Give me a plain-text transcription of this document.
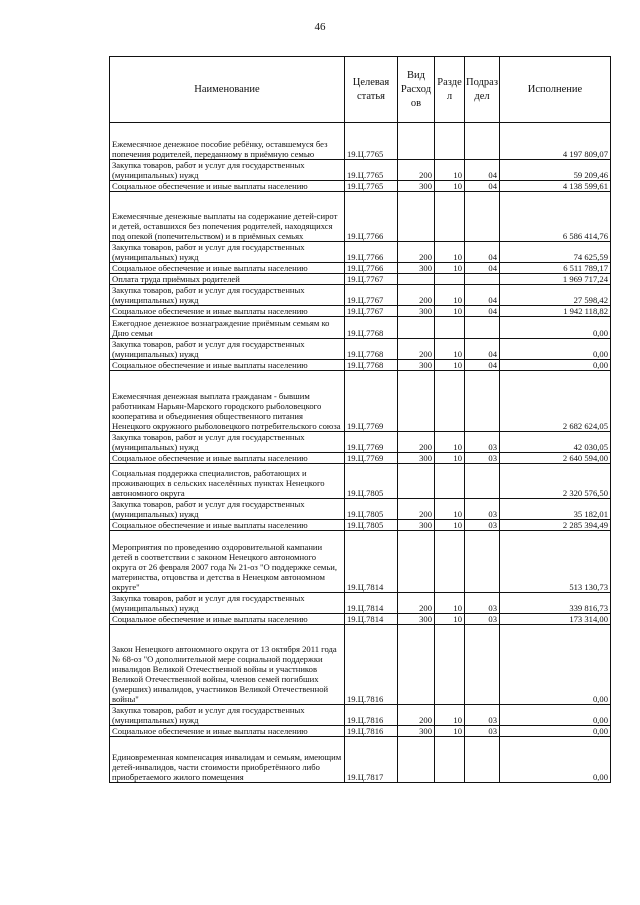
46
Наименование	Целевая статья	Вид Расход ов	Разде л	Подраз дел	Исполнение
Ежемесячное денежное пособие ребёнку, оставшемуся без попечения родителей, переданному в приёмную семью	19.Ц.7765				4 197 809,07
Закупка товаров, работ и услуг для государственных (муниципальных) нужд	19.Ц.7765	200	10	04	59 209,46
Социальное обеспечение и иные выплаты населению	19.Ц.7765	300	10	04	4 138 599,61
Ежемесячные денежные выплаты на содержание детей-сирот и детей, оставшихся без попечения родителей, находящихся под опекой (попечительством) и в приёмных семьях	19.Ц.7766				6 586 414,76
Закупка товаров, работ и услуг для государственных (муниципальных) нужд	19.Ц.7766	200	10	04	74 625,59
Социальное обеспечение и иные выплаты населению	19.Ц.7766	300	10	04	6 511 789,17
Оплата труда приёмных родителей	19.Ц.7767				1 969 717,24
Закупка товаров, работ и услуг для государственных (муниципальных) нужд	19.Ц.7767	200	10	04	27 598,42
Социальное обеспечение и иные выплаты населению	19.Ц.7767	300	10	04	1 942 118,82
Ежегодное денежное вознаграждение приёмным семьям ко Дню семьи	19.Ц.7768				0,00
Закупка товаров, работ и услуг для государственных (муниципальных) нужд	19.Ц.7768	200	10	04	0,00
Социальное обеспечение и иные выплаты населению	19.Ц.7768	300	10	04	0,00
Ежемесячная денежная выплата гражданам - бывшим работникам Нарьян-Марского городского рыболовецкого кооператива и объединения общественного питания Ненецкого окружного рыболовецкого потребительского союза	19.Ц.7769				2 682 624,05
Закупка товаров, работ и услуг для государственных (муниципальных) нужд	19.Ц.7769	200	10	03	42 030,05
Социальное обеспечение и иные выплаты населению	19.Ц.7769	300	10	03	2 640 594,00
Социальная поддержка специалистов, работающих и проживающих в сельских населённых пунктах Ненецкого автономного округа	19.Ц.7805				2 320 576,50
Закупка товаров, работ и услуг для государственных (муниципальных) нужд	19.Ц.7805	200	10	03	35 182,01
Социальное обеспечение и иные выплаты населению	19.Ц.7805	300	10	03	2 285 394,49
Мероприятия по проведению оздоровительной кампании детей в соответствии с законом Ненецкого автономного округа от 26 февраля 2007 года № 21-оз "О поддержке семьи, материнства, отцовства и детства в Ненецком автономном округе"	19.Ц.7814				513 130,73
Закупка товаров, работ и услуг для государственных (муниципальных) нужд	19.Ц.7814	200	10	03	339 816,73
Социальное обеспечение и иные выплаты населению	19.Ц.7814	300	10	03	173 314,00
Закон Ненецкого автономного округа от 13 октября 2011 года № 68-оз "О дополнительной мере социальной поддержки инвалидов Великой Отечественной войны и участников Великой Отечественной войны, членов семей погибших (умерших) инвалидов, участников Великой Отечественной войны"	19.Ц.7816				0,00
Закупка товаров, работ и услуг для государственных (муниципальных) нужд	19.Ц.7816	200	10	03	0,00
Социальное обеспечение и иные выплаты населению	19.Ц.7816	300	10	03	0,00
Единовременная компенсация инвалидам и семьям, имеющим детей-инвалидов, части стоимости приобретённого либо приобретаемого жилого помещения	19.Ц.7817				0,00
